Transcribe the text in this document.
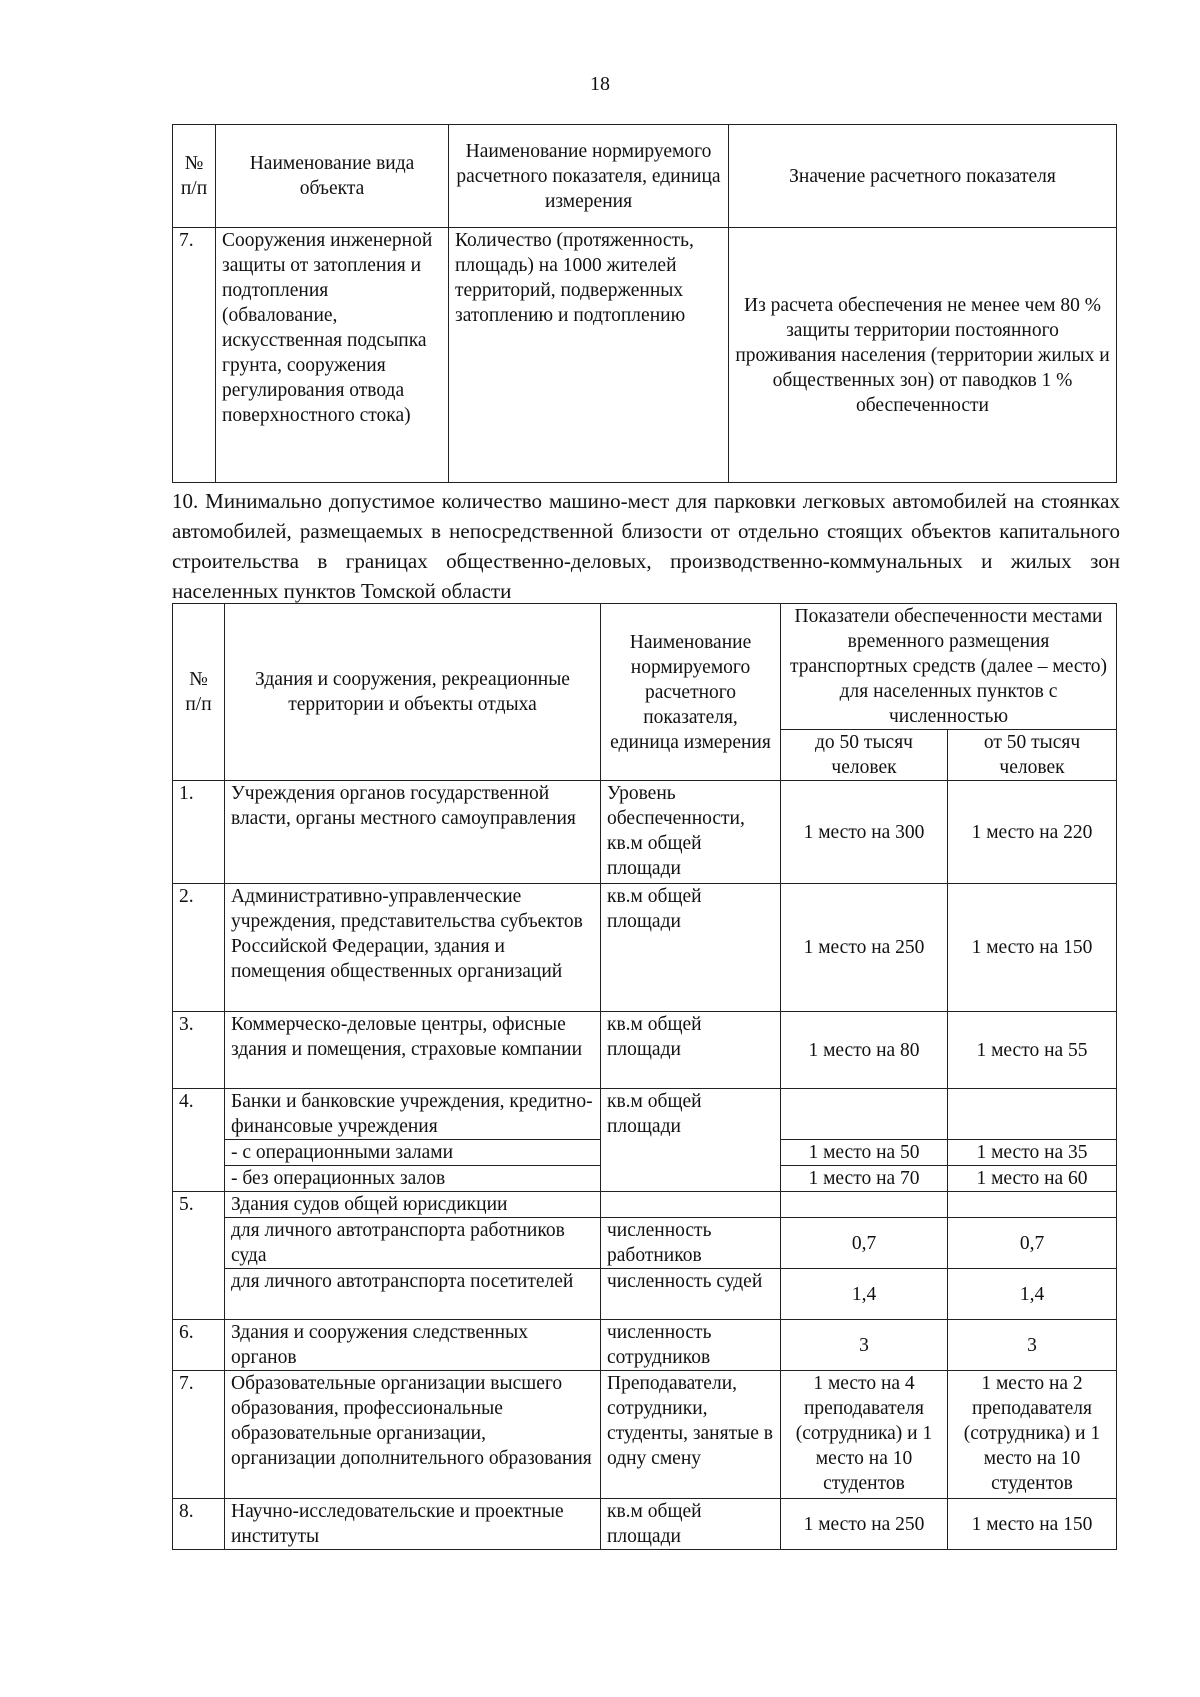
18
№ п/п	Наименование вида объекта	Наименование нормируемого расчетного показателя, единица измерения	Значение расчетного показателя
7.	Сооружения инженерной защиты от затопления и подтопления (обвалование, искусственная подсыпка грунта, сооружения регулирования отвода поверхностного стока)	Количество (протяженность, площадь) на 1000 жителей территорий, подверженных затоплению и подтоплению	Из расчета обеспечения не менее чем 80 % защиты территории постоянного проживания населения (территории жилых и общественных зон) от паводков 1 % обеспеченности
10. Минимально допустимое количество машино-мест для парковки легковых автомобилей на стоянках автомобилей, размещаемых в непосредственной близости от отдельно стоящих объектов капитального строительства в границах общественно-деловых, производственно-коммунальных и жилых зон населенных пунктов Томской области
№ п/п	Здания и сооружения, рекреационные территории и объекты отдыха	Наименование нормируемого расчетного показателя, единица измерения	Показатели обеспеченности местами временного размещения транспортных средств (далее – место) для населенных пунктов с численностью	
			до 50 тысяч человек	от 50 тысяч человек
1.	Учреждения органов государственной власти, органы местного самоуправления	Уровень обеспеченности, кв.м общей площади	1 место на 300	1 место на 220
2.	Административно-управленческие учреждения, представительства субъектов Российской Федерации, здания и помещения общественных организаций	кв.м общей площади	1 место на 250	1 место на 150
3.	Коммерческо-деловые центры, офисные здания и помещения, страховые компании	кв.м общей площади	1 место на 80	1 место на 55
4.	Банки и банковские учреждения, кредитно-финансовые учреждения	кв.м общей площади		
	- с операционными залами		1 место на 50	1 место на 35
	- без операционных залов		1 место на 70	1 место на 60
5.	Здания судов общей юрисдикции			
	для личного автотранспорта работников суда	численность работников	0,7	0,7
	для личного автотранспорта посетителей	численность судей	1,4	1,4
6.	Здания и сооружения следственных органов	численность сотрудников	3	3
7.	Образовательные организации высшего образования, профессиональные образовательные организации, организации дополнительного образования	Преподаватели, сотрудники, студенты, занятые в одну смену	1 место на 4 преподавателя (сотрудника) и 1 место на 10 студентов	1 место на 2 преподавателя (сотрудника) и 1 место на 10 студентов
8.	Научно-исследовательские и проектные институты	кв.м общей площади	1 место на 250	1 место на 150
